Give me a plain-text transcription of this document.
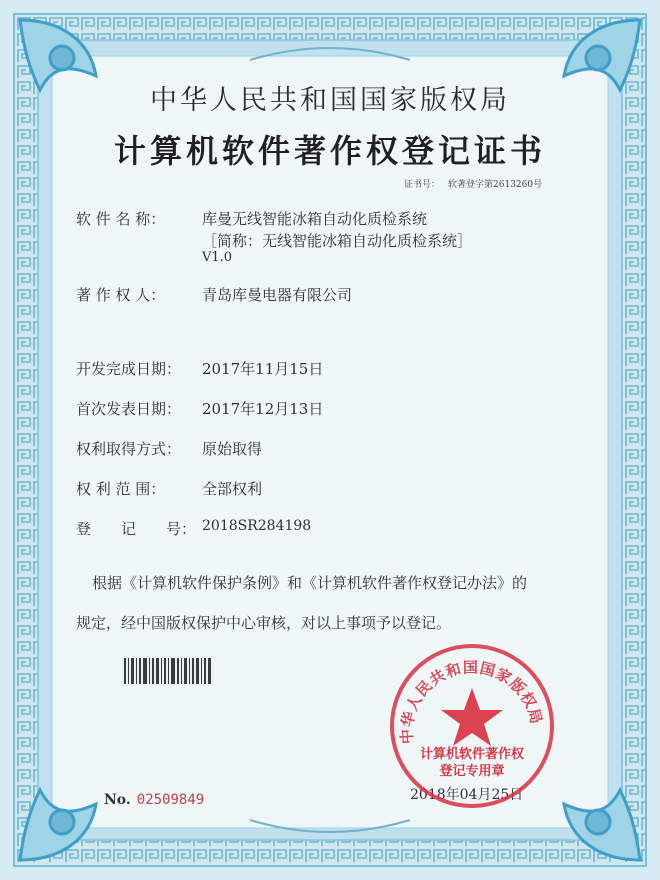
中华人民共和国国家版权局
计算机软件著作权登记证书
证书号： 软著登字第2613260号
软 件 名 称：	库曼无线智能冰箱自动化质检系统
［简称：无线智能冰箱自动化质检系统］
V1.0
著 作 权 人：	青岛库曼电器有限公司
开发完成日期：	2017年11月15日
首次发表日期：	2017年12月13日
权利取得方式：	原始取得
权 利 范 围：	全部权利
登　　记　　号： 2018SR284198
根据《计算机软件保护条例》和《计算机软件著作权登记办法》的
规定，经中国版权保护中心审核，对以上事项予以登记。
No. 02509849	2018年04月25日
中华人民共和国国家版权局
计算机软件著作权
登记专用章
